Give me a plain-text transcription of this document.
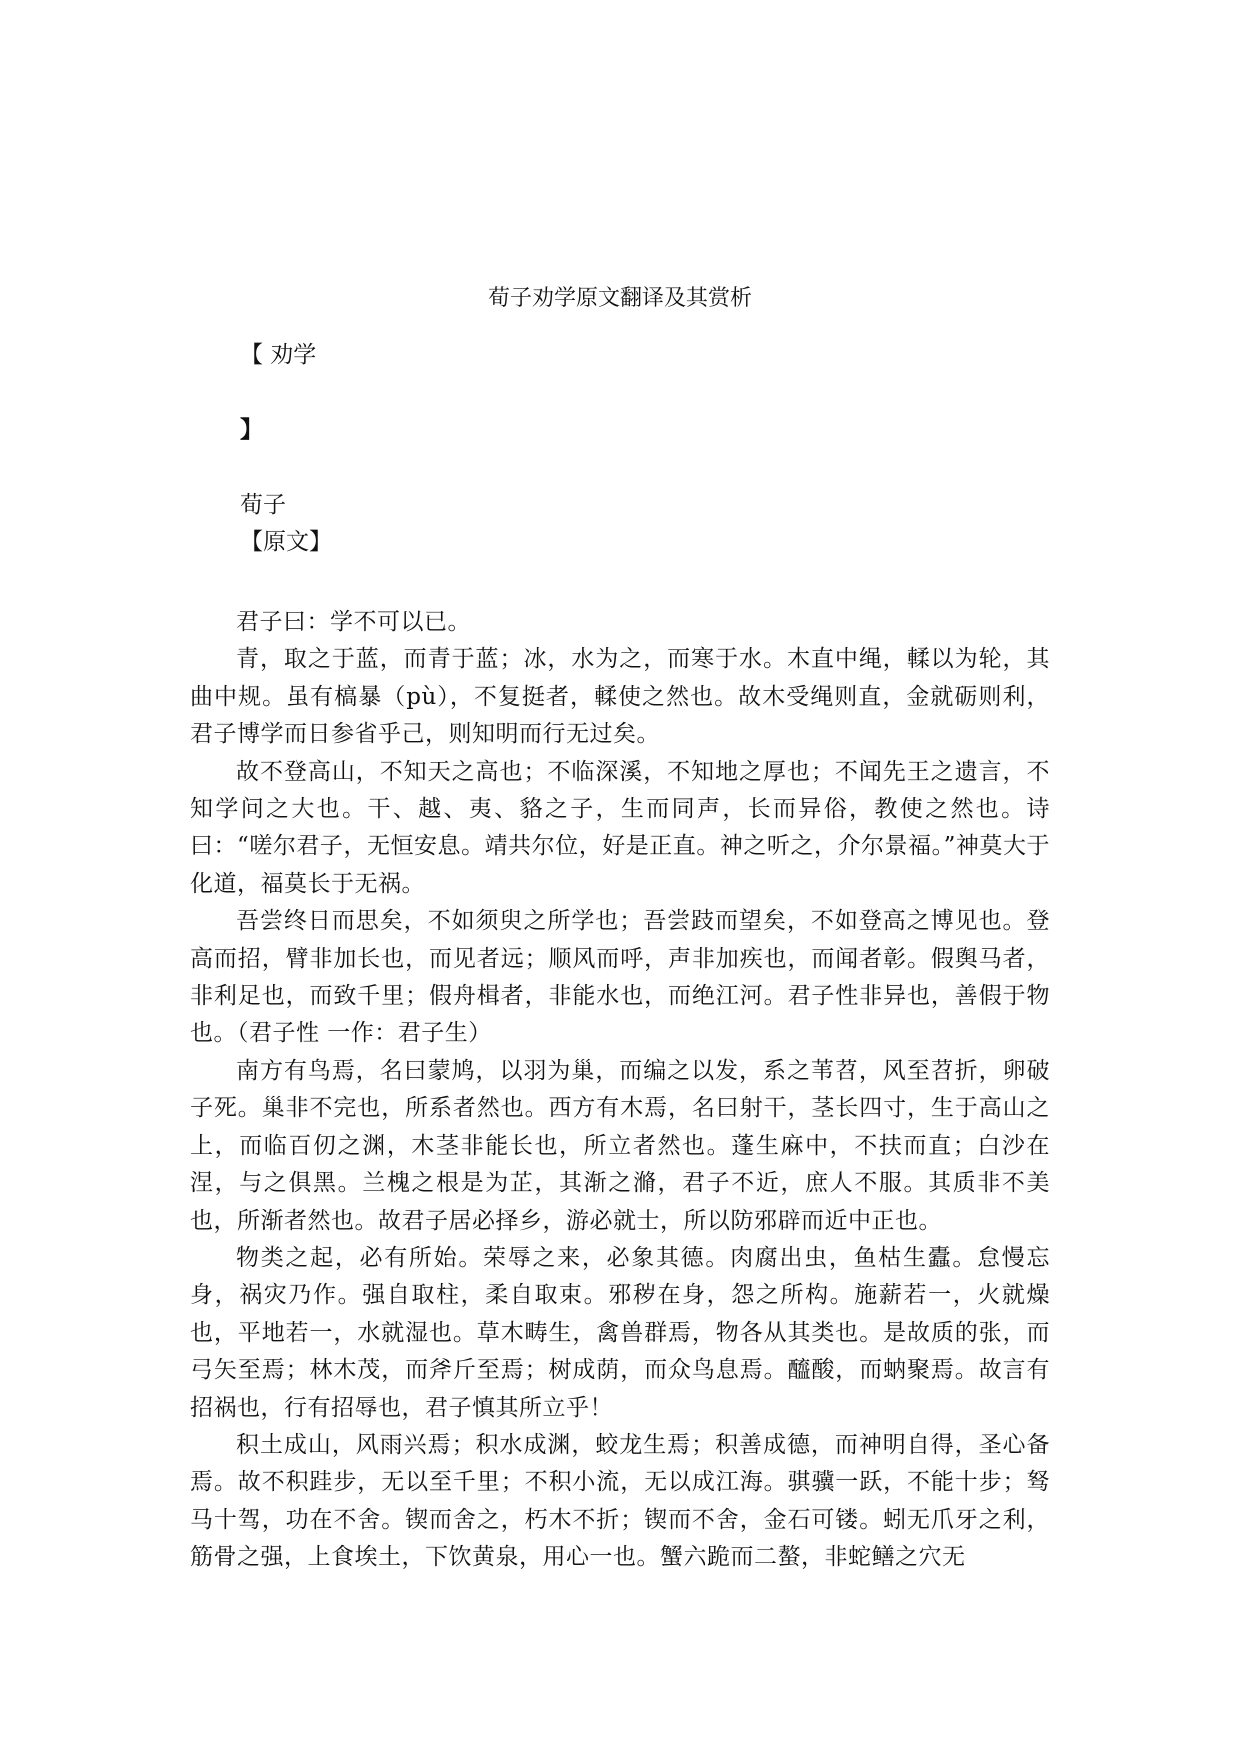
荀子劝学原文翻译及其赏析
【 劝学
】
荀子
【原文】

君子曰：学不可以已。

青，取之于蓝，而青于蓝；冰，水为之，而寒于水。木直中绳，輮以为轮，其曲中规。虽有槁暴（pù），不复挺者，輮使之然也。故木受绳则直，金就砺则利，君子博学而日参省乎己，则知明而行无过矣。

故不登高山，不知天之高也；不临深溪，不知地之厚也；不闻先王之遗言，不知学问之大也。干、越、夷、貉之子，生而同声，长而异俗，教使之然也。诗曰：“嗟尔君子，无恒安息。靖共尔位，好是正直。神之听之，介尔景福。”神莫大于化道，福莫长于无祸。

吾尝终日而思矣，不如须臾之所学也；吾尝跂而望矣，不如登高之博见也。登高而招，臂非加长也，而见者远；顺风而呼，声非加疾也，而闻者彰。假舆马者，非利足也，而致千里；假舟楫者，非能水也，而绝江河。君子性非异也，善假于物也。（君子性 一作：君子生）

南方有鸟焉，名曰蒙鸠，以羽为巢，而编之以发，系之苇苕，风至苕折，卵破子死。巢非不完也，所系者然也。西方有木焉，名曰射干，茎长四寸，生于高山之上，而临百仞之渊，木茎非能长也，所立者然也。蓬生麻中，不扶而直；白沙在涅，与之俱黑。兰槐之根是为芷，其渐之滫，君子不近，庶人不服。其质非不美也，所渐者然也。故君子居必择乡，游必就士，所以防邪辟而近中正也。

物类之起，必有所始。荣辱之来，必象其德。肉腐出虫，鱼枯生蠹。怠慢忘身，祸灾乃作。强自取柱，柔自取束。邪秽在身，怨之所构。施薪若一，火就燥也，平地若一，水就湿也。草木畴生，禽兽群焉，物各从其类也。是故质的张，而弓矢至焉；林木茂，而斧斤至焉；树成荫，而众鸟息焉。醯酸，而蚋聚焉。故言有招祸也，行有招辱也，君子慎其所立乎！

积土成山，风雨兴焉；积水成渊，蛟龙生焉；积善成德，而神明自得，圣心备焉。故不积跬步，无以至千里；不积小流，无以成江海。骐骥一跃，不能十步；驽马十驾，功在不舍。锲而舍之，朽木不折；锲而不舍，金石可镂。蚓无爪牙之利，筋骨之强，上食埃土，下饮黄泉，用心一也。蟹六跪而二螯，非蛇鳝之穴无
